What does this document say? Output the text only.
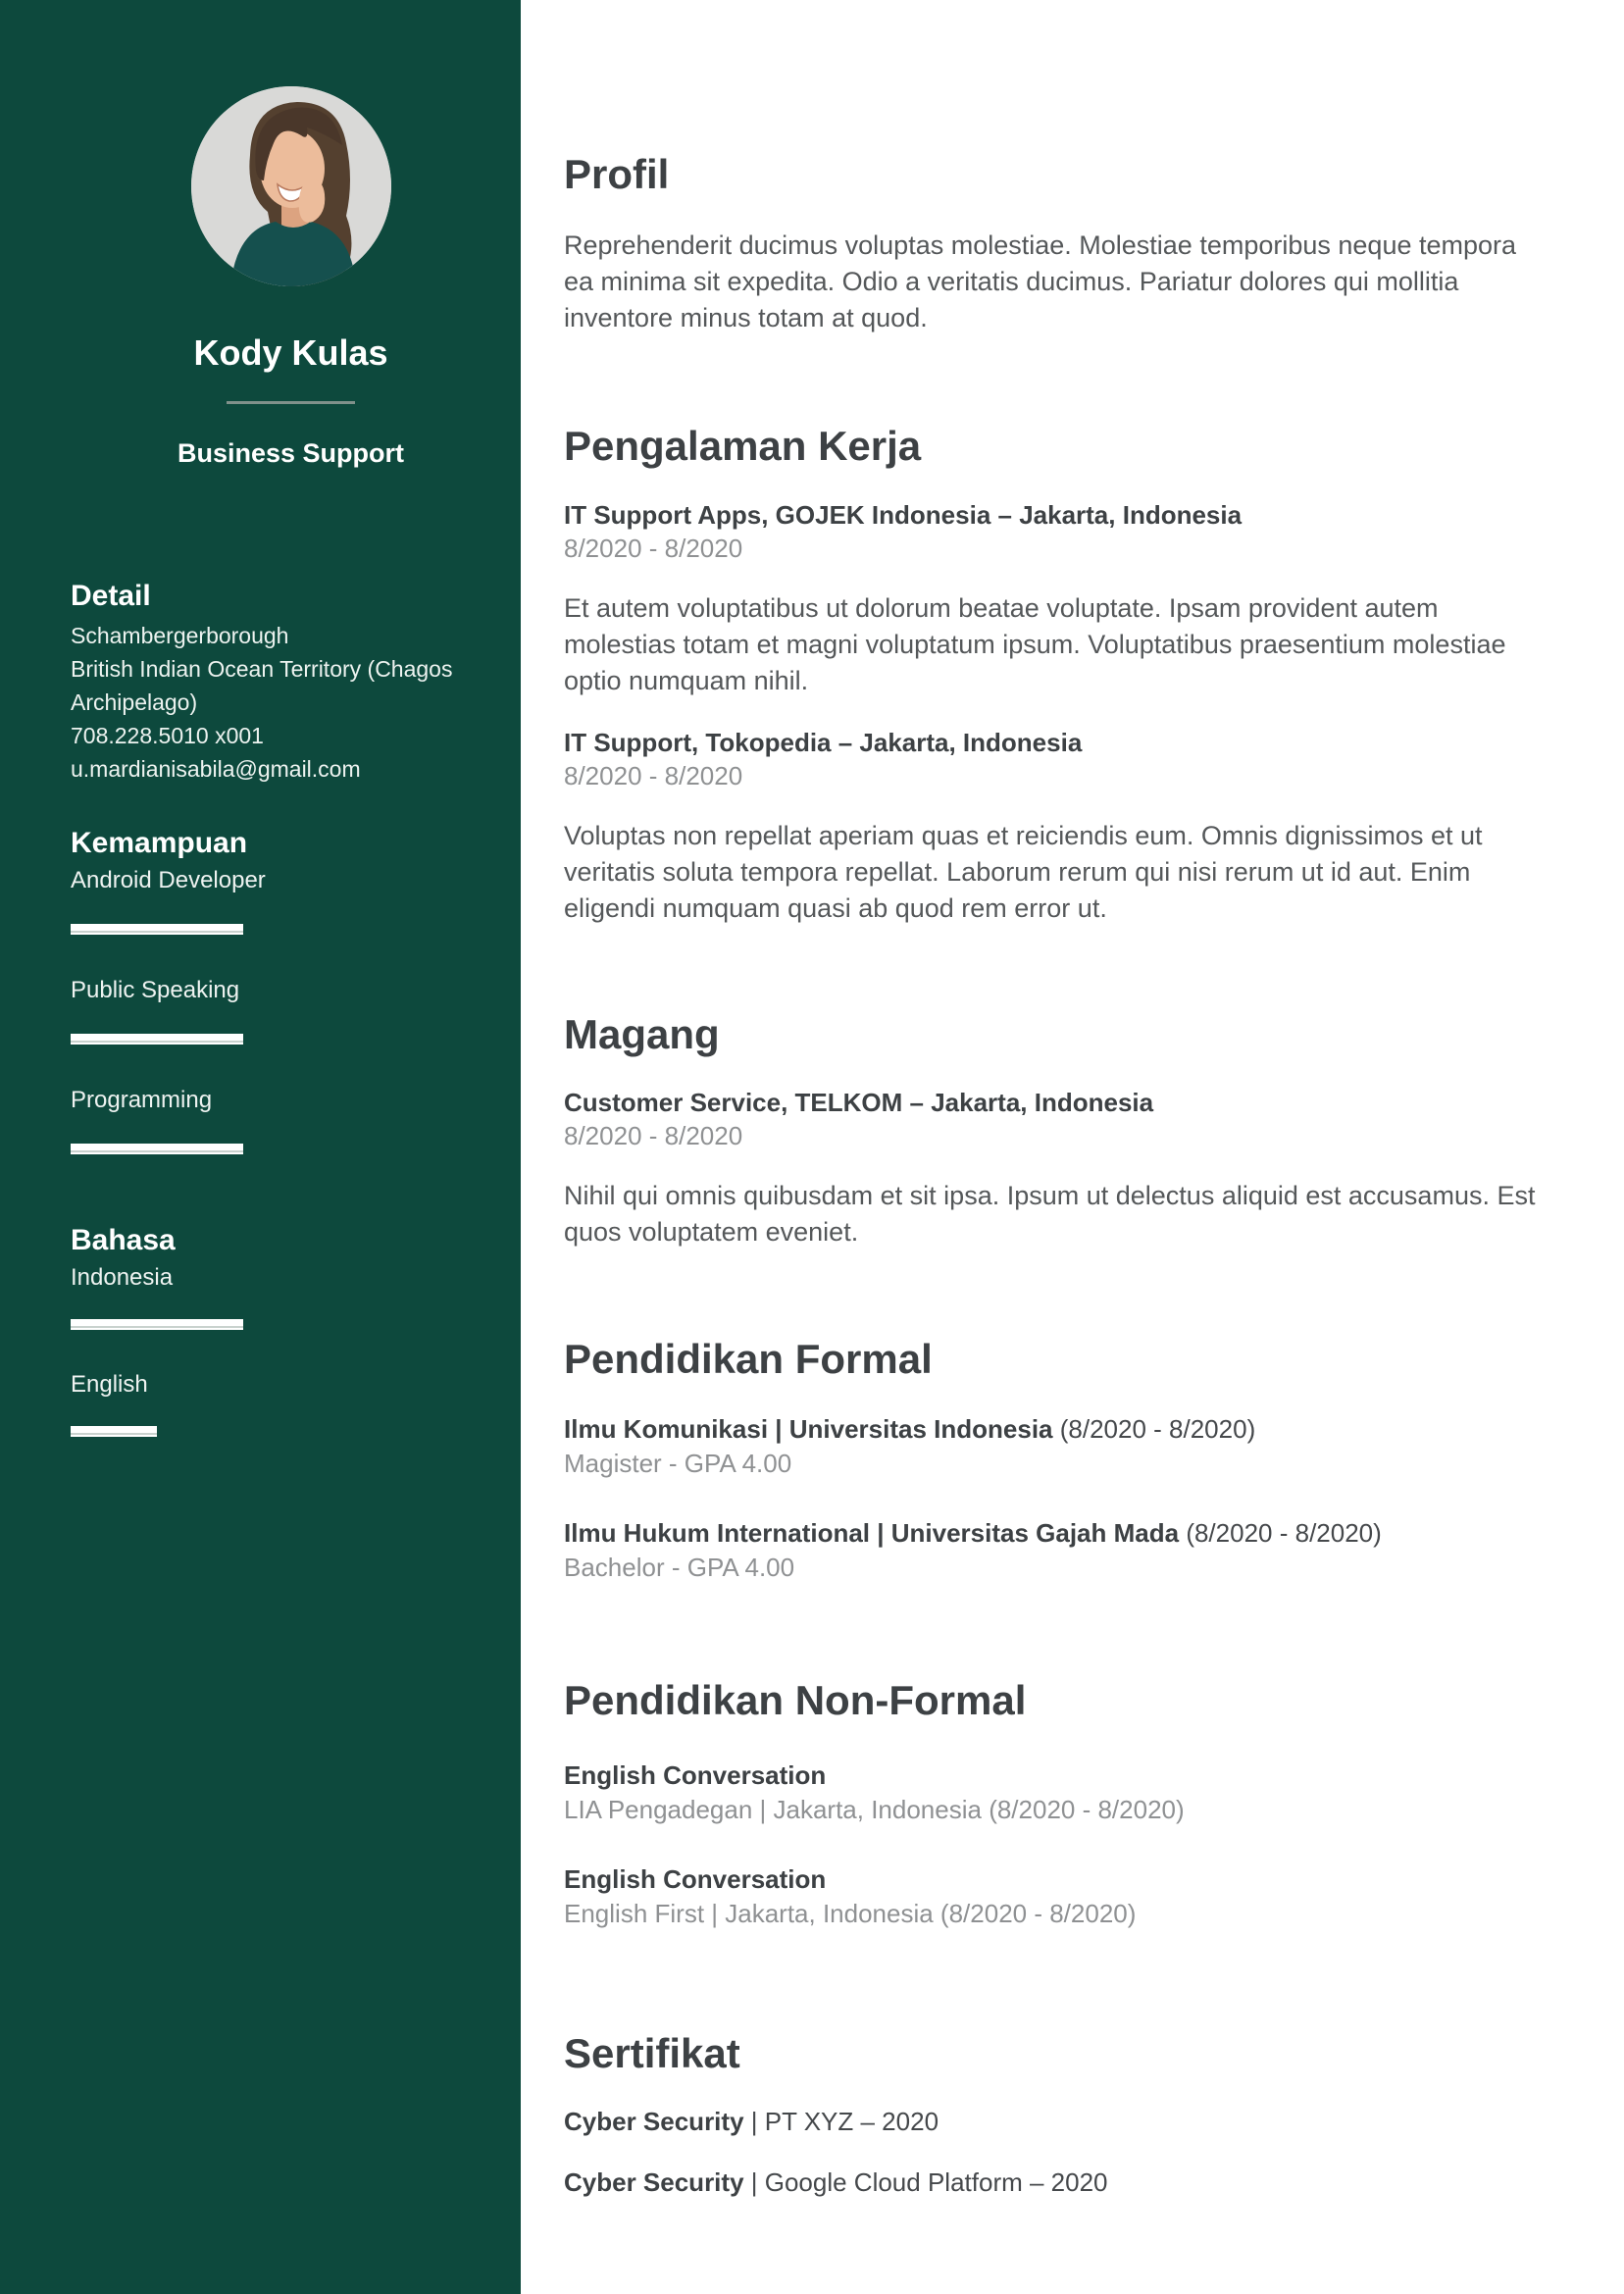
Kody Kulas
Business Support
Detail
Schambergerborough
British Indian Ocean Territory (Chagos Archipelago)
708.228.5010 x001
u.mardianisabila@gmail.com
Kemampuan
Android Developer
Public Speaking
Programming
Bahasa
Indonesia
English
Profil

Reprehenderit ducimus voluptas molestiae. Molestiae temporibus neque tempora ea minima sit expedita. Odio a veritatis ducimus. Pariatur dolores qui mollitia inventore minus totam at quod.

Pengalaman Kerja
IT Support Apps, GOJEK Indonesia – Jakarta, Indonesia
8/2020 - 8/2020

Et autem voluptatibus ut dolorum beatae voluptate. Ipsam provident autem molestias totam et magni voluptatum ipsum. Voluptatibus praesentium molestiae optio numquam nihil.

IT Support, Tokopedia – Jakarta, Indonesia
8/2020 - 8/2020

Voluptas non repellat aperiam quas et reiciendis eum. Omnis dignissimos et ut veritatis soluta tempora repellat. Laborum rerum qui nisi rerum ut id aut. Enim eligendi numquam quasi ab quod rem error ut.

Magang
Customer Service, TELKOM – Jakarta, Indonesia
8/2020 - 8/2020

Nihil qui omnis quibusdam et sit ipsa. Ipsum ut delectus aliquid est accusamus. Est quos voluptatem eveniet.

Pendidikan Formal
Ilmu Komunikasi | Universitas Indonesia (8/2020 - 8/2020)
Magister - GPA 4.00
Ilmu Hukum International | Universitas Gajah Mada (8/2020 - 8/2020)
Bachelor - GPA 4.00
Pendidikan Non-Formal
English Conversation
LIA Pengadegan | Jakarta, Indonesia (8/2020 - 8/2020)
English Conversation
English First | Jakarta, Indonesia (8/2020 - 8/2020)
Sertifikat
Cyber Security | PT XYZ – 2020
Cyber Security | Google Cloud Platform – 2020
